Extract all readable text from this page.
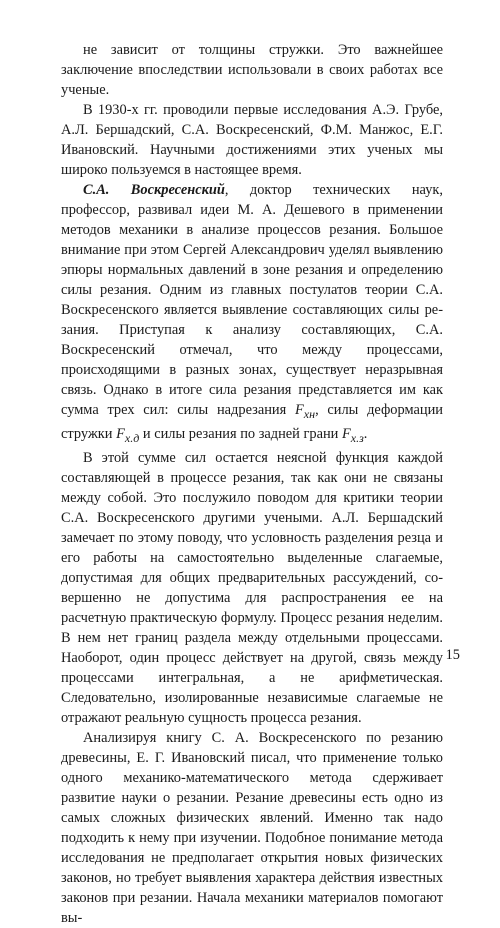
не зависит от толщины стружки. Это важнейшее заключение впоследствии использовали в своих работах все ученые.

В 1930-х гг. проводили первые исследования А.Э. Грубе, А.Л. Бершадский, С.А. Воскресенский, Ф.М. Манжос, Е.Г. Ивановский. Научными достижениями этих ученых мы широко пользуемся в настоящее время.

С.А. Воскресенский, доктор технических наук, профессор, развивал идеи М. А. Дешевого в применении методов механики в анализе процессов резания. Большое внимание при этом Сергей Александрович уделял выявлению эпюры нормальных давлений в зоне резания и определению силы резания. Одним из главных постулатов теории С.А. Воскресенского является выявление составляющих силы резания. Приступая к анализу составляющих, С.А. Воскресенский отмечал, что между процессами, происходящими в разных зонах, существует неразрывная связь. Однако в итоге сила резания представляется им как сумма трех сил: силы надрезания $F_{xн}$, силы деформации стружки $F_{x.д}$ и силы резания по задней грани $F_{x.з}$.

В этой сумме сил остается неясной функция каждой составляющей в процессе резания, так как они не связаны между собой. Это послужило поводом для критики теории С.А. Воскресенского другими учеными. А.Л. Бершадский замечает по этому поводу, что условность разделения резца и его работы на самостоятельно выделенные слагаемые, допустимая для общих предварительных рассуждений, совершенно не допустима для распространения ее на расчетную практическую формулу. Процесс резания неделим. В нем нет границ раздела между отдельными процессами. Наоборот, один процесс действует на другой, связь между процессами интегральная, а не арифметическая. Следовательно, изолированные независимые слагаемые не отражают реальную сущность процесса резания.

Анализируя книгу С. А. Воскресенского по резанию древесины, Е. Г. Ивановский писал, что применение только одного механико-математического метода сдерживает развитие науки о резании. Резание древесины есть одно из самых сложных физических явлений. Именно так надо подходить к нему при изучении. Подобное понимание метода исследования не предполагает открытия новых физических законов, но требует выявления характера действия известных законов при резании. Начала механики материалов помогают вы-

15
